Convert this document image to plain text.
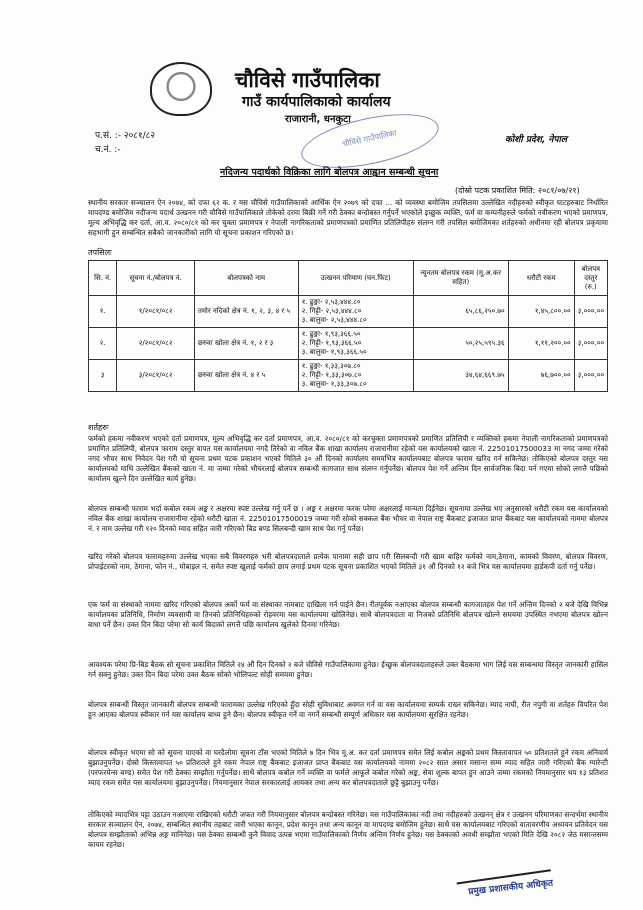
चौविसे गाउँपालिका
गाउँ कार्यपालिकाको कार्यालय
राजारानी, धनकुटा
चौविसे गाउँपालिका
प.सं. :- २०८१/८२
च.नं. :-
कोशी प्रदेश, नेपाल
नदिजन्य पदार्थको विक्रिका लागि बोलपत्र आह्वान सम्बन्धी सूचना
(दोस्रो पटक प्रकाशित मिति: २०८१/०७/२१)

स्थानीय सरकार सञ्चालन ऐन २०७४, को दफा ६२ क. र यस चौविसे गाउँपालिकाको आर्थिक ऐन २०७९ को दफा ... को व्यवस्था बमोजिम तपसिलमा उल्लेखित नदीहरुको स्वीकृत घाटहरुबाट निर्धारित मापदण्ड बमोजिम नदीजन्य पदार्थ उत्खनन गरी चौविसे गाउँपालिकाले तोकेको दरमा बिक्री गर्ने गरी ठेक्का बन्दोबस्त गर्नुपर्ने भएकोले इच्छुक व्यक्ति, फर्म वा कम्पनीहरुले फर्मको नवीकरण भएको प्रमाणपत्र, मूल्य अभिवृद्धि कर दर्ता, आ.व. २०८०/८१ को कर चुक्ता प्रमाणपत्र र नेपाली नागरिकताको प्रमाणपत्रको प्रमाणित प्रतिलिपीहरु संलग्न गरी तपसिल बमोजिमका शर्तहरुको अधीनमा रही बोलपत्र प्रकृयामा सहभागी हुन सम्बन्धित सबैको जानकारीको लागि यो सूचना प्रकाशन गरिएको छ।

तपसिलः
सि. नं.	सूचना नं./बोलपत्र नं.	बोलपत्रको नाम	उत्खनन परिमाण (घन.फिट)	न्यूनतम बोलपत्र रकम (मू.अ.कर सहित)	धरौटी रकम	बोलपत्र दस्तुर (रु.)
१.	१/२०८१/०८२	तमोर नदिको क्षेत्र नं. १, २, ३, ४ र ५	१. ढुङ्गा- २,५३,४४४.८०
२. गिट्टी- २,५३,४४४.८०
३. बालुवा- २,५३,४४४.८०	६५,८६,२५०.७०	१,४५,८००.००	३,०००.००
२.	२/२०८१/०८२	छरुवा खोला क्षेत्र नं. १, २ र ३	१. ढुङ्गा- १,९३,३६६.५०
२. गिट्टी- १,९३,३६६.५०
३. बालुवा- १,९३,३६६.५०	५०,२५,५९५.३६	१,११,२००.००	३,०००.००
३	३/२०८१/०८२	छरुवा खोला क्षेत्र नं. ४ र ५	१. ढुङ्गा- १,३३,३०७.८०
२. गिट्टी- १,३३,३०७.८०
३. बालुवा- १,३३,३०७.८०	३४,६४,६६९.७५	७६,७००.००	३,०००.००
शर्तहरुः

फर्मको हकमा नवीकरण भएको दर्ता प्रमाणपत्र, मूल्य अभिवृद्धि कर दर्ता प्रमाणपत्र, आ.व. २०८०/८१ को करचुक्ता प्रमाणपत्रको प्रमाणित प्रतिलिपी र व्यक्तिको हकमा नेपाली नागरिकताको प्रमाणपत्रको प्रमाणित प्रतिलिपी, बोलपत्र फाराम दस्तुर वापत यस कार्यालयमा नगदै तिरेको वा नविल बैंक शाखा कार्यालय राजारानीमा रहेको यस कार्यालयको खाता नं. 22501017500033 मा नगद जम्मा गरेको नगद भौचर साथ निवेदन पेश गरी यो सूचना प्रथम पटक प्रकाशन भएको मितिले ३० औं दिनको कार्यालय समयभित्र कार्यालयबाट बोलपत्र फाराम खरिद गर्न सकिनेछ। तोकिएको बोलपत्र दस्तुर यस कार्यालयको माथि उल्लेखित बैंकको खाता नं. मा जम्मा गरेको भौचरलाई बोलपत्र सम्बन्धी कागजात साथ संलग्न गर्नुपर्नेछ। बोलपत्र पेश गर्ने अन्तिम दिन सार्वजनिक बिदा पर्न गएमा सोको लगत्तै पछिको कार्यालय खुल्ने दिन उल्लेखित कार्य हुनेछ।

बोलपत्र सम्बन्धी फाराम भर्दा कबोल रकम अङ्क र अक्षरमा स्पष्ट उल्लेख गर्नु पर्ने छ । अङ्क र अक्षरमा फरक परेमा अक्षरलाई मान्यता दिईनेछ। सूचनामा उल्लेख भए अनुसारको धरौटी रकम यस कार्यालयको नविल बैंक शाखा कार्यालय राजारानीमा रहेको धरौटी खाता नं. 22501017500019 जम्मा गरी सोको सक्कल बैंक भौचर वा नेपाल राष्ट्र बैंकबाट इजाजत प्राप्त बैंकबाट यस कार्यालयको नाममा बोलपत्र नं. र नाम उल्लेख गरी १२० दिनको म्याद सहित जारी गरिएको बिड बण्ड सिलबन्दी खाम साथ पेश गर्नु पर्नेछ।

खरिद गरेको बोलपत्र फारामहरुमा उल्लेख भएका सबै विवरणहरु भरी बोलपत्रदाताले प्रत्येक पानामा सही छाप गरी सिलबन्दी गरी खाम बाहिर फर्मको नाम,ठेगाना, कामको विवरण, बोलपत्र विवरण, प्रोपाईटरको नाम, ठेगाना, फोन नं., मोबाइल नं. समेत स्पष्ट खुलाई फर्मको छाप लगाई प्रथम पटक सूचना प्रकाशित भएको मितिले ३१ औं दिनको १२ बजे भित्र यस कार्यालयमा हार्डकपी दर्ता गर्नु पर्नेछ।

एक फर्म वा संस्थाको नाममा खरिद गरिएको बोलपत्र अर्को फर्म वा संस्थाका नामबाट दाखिला गर्न पाईने छैन। रीतपूर्वक नआएका बोलपत्र सम्बन्धी कागजातहरु पेश गर्ने अन्तिम दिनको २ बजे देखि विभिन्न कार्यालयका प्रतिनिधि, निर्माण व्यवसायी वा तिनको प्रतिनिधिहरुको रोहवरमा यस कार्यालयमा खोलिनेछ। साथै बोलपत्रदाता वा निजको प्रतिनिधि बोलपत्र खोल्ने समयमा उपस्थित नभएमा बोलपत्र खोल्न बाधा पर्ने छैन। उक्त दिन बिदा परेमा सो कार्य बिदाको लगत्तै पछि कार्यालय खुलेको दिनमा गरिनेछ।

आवश्यक परेमा प्रि-बिड बैठक सो सूचना प्रकाशित मितिले २४ औं दिन दिनको २ बजे चौविसे गाउँपालिकामा हुनेछ। ईच्छुक बोलपत्रदाताहरुले उक्त बैठकमा भाग लिई यस सम्बन्धमा विस्तृत जानकारी हासिल गर्न सक्नु हुनेछ। उक्त दिन बिदा परेमा उक्त बैठक सोको भोलिपल्ट सोही समयमा हुनेछ।

बोलपत्र सम्बन्धी विस्तृत जानकारी बोलपत्र सम्बन्धी फारामका उल्लेख गरिएको हुँदा सोही सुविधाबाट अवगत गर्न वा यस कार्यालयमा सम्पर्क राख्न सकिनेछ। म्याद नाघी, रीत नपुगी वा शर्तहरु विपरित पेश हुन आएका बोलपत्र स्वीकार गर्न यस कार्यालय बाध्य हुने छैन। बोलपत्र स्वीकृत गर्ने वा नगर्ने सम्बन्धी सम्पूर्ण अधिकार यस कार्यालयमा सुरक्षित रहनेछ।

बोलपत्र स्वीकृत भएमा सो को सूचना पाएको वा घरदैलोमा सूचना टाँस भएको मितिले ७ दिन भित्र मू.अ. कर दर्ता प्रमाणपत्र समेत लिई कबोल अङ्कको प्रथम किस्तावापत ५० प्रतिशतले हुने रकम अनिवार्य बुझाउनुपर्नेछ। दोस्रो किस्तावापत ५० प्रतिशतले हुने रकम नेपाल राष्ट्र बैंकबाट इजाजत प्राप्त बैंकबाट यस कार्यालयको नाममा २०८२ साल असार मसान्त सम्म म्याद सहित जारी गरिएको बैंक ग्यारेन्टी (परफरमेन्स बण्ड) समेत पेश गरी ठेक्का सम्झौता गर्नुपर्नेछ। साथै बोलपत्र कबोल गर्ने व्यक्ति वा फर्मले आफूले कबोल गरेको अङ्क, सेवा शुल्क बापत हुन आउने जम्मा रकमको नियमानुसार थप १३ प्रतिशत म्याद रकम समेत यस कार्यालयमा बुझाउनुपर्नेछ। नियमानुसार नेपाल सरकारलाई आयकर तथा अन्य कर बोलपत्रदाताले छुट्टै बुझाउनु पर्नेछ।

तोकिएको म्यादभित्र पट्टा उठाउन नआएमा राखिएको धरौटी जफत गरी नियमानुसार बोलपत्र बन्दोबस्त गरिनेछ। यस गाउँपालिकाका नदी तथा नदीहरुको उत्खनन् क्षेत्र र उत्खनन परिमाणका सन्दर्भमा स्थानीय सरकार सञ्चालन ऐन, २०७४, सम्बन्धित स्थानीय तहबाट जारी भएका कानून, प्रदेश कानून तथा अन्य कानून वा मापदण्ड बमोजिम हुनेछ। साथै यस कार्यालयबाट गरिएको वातावरणीय अध्ययन प्रतिवेदन यस बोलपत्र सम्झौताको अभिन्न अङ्ग मानिनेछ। यस ठेक्का सम्बन्धी कुनै विवाद उत्पन्न भएमा गाउँपालिकाको निर्णय अन्तिम निर्णय हुनेछ। यस ठेक्काको अवधी सम्झौता भएको मिति देखि २०८२ जेठ मसान्तसम्म कायम रहनेछ।

प्रमुख प्रशासकीय अधिकृत
